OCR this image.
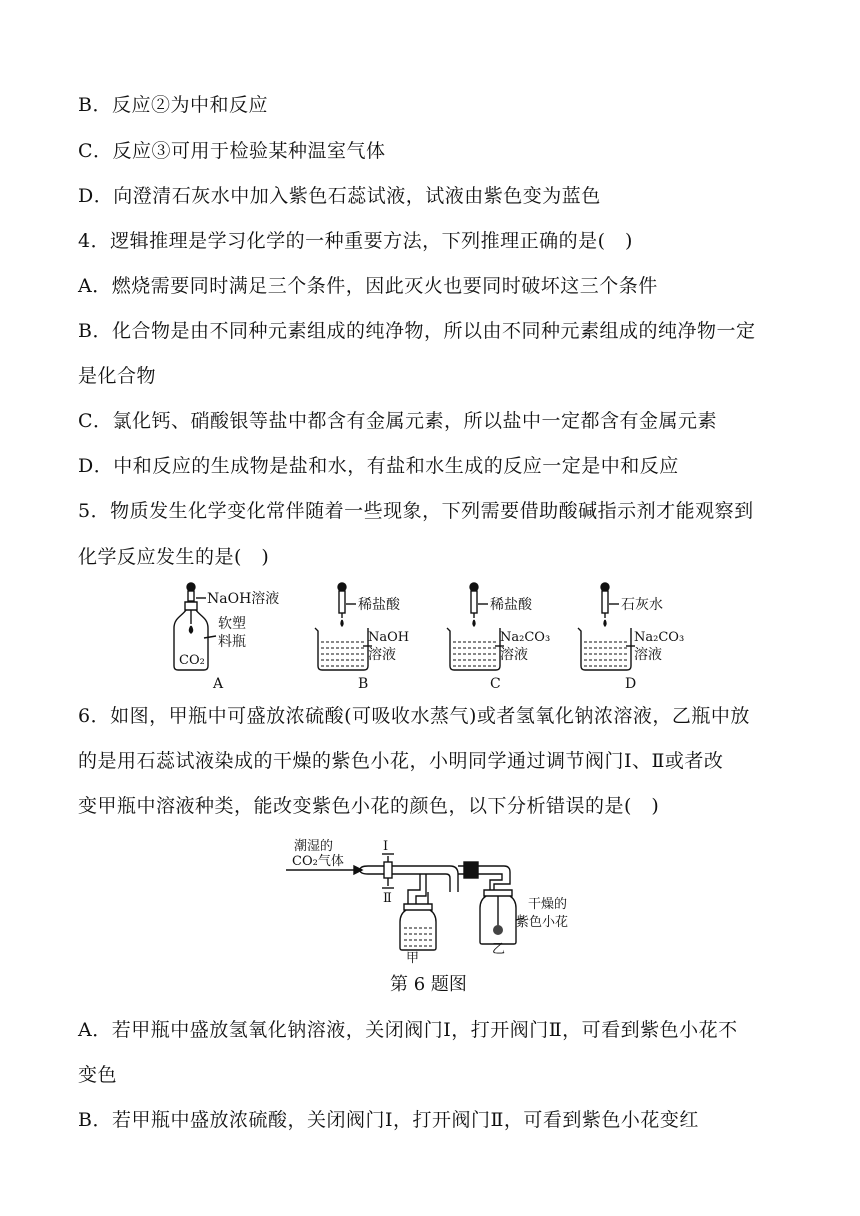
B．反应②为中和反应
C．反应③可用于检验某种温室气体
D．向澄清石灰水中加入紫色石蕊试液，试液由紫色变为蓝色
4．逻辑推理是学习化学的一种重要方法，下列推理正确的是(　)
A．燃烧需要同时满足三个条件，因此灭火也要同时破坏这三个条件
B．化合物是由不同种元素组成的纯净物，所以由不同种元素组成的纯净物一定
是化合物
C．氯化钙、硝酸银等盐中都含有金属元素，所以盐中一定都含有金属元素
D．中和反应的生成物是盐和水，有盐和水生成的反应一定是中和反应
5．物质发生化学变化常伴随着一些现象，下列需要借助酸碱指示剂才能观察到
化学反应发生的是(　)
NaOH溶液
软塑
料瓶
CO₂
A
稀盐酸
NaOH
溶液
B
稀盐酸
Na₂CO₃
溶液
C
石灰水
Na₂CO₃
溶液
D
6．如图，甲瓶中可盛放浓硫酸(可吸收水蒸气)或者氢氧化钠浓溶液，乙瓶中放
的是用石蕊试液染成的干燥的紫色小花，小明同学通过调节阀门Ⅰ、Ⅱ或者改
变甲瓶中溶液种类，能改变紫色小花的颜色，以下分析错误的是(　)
潮湿的
CO₂气体
Ⅰ
Ⅱ	干燥的
紫色小花
乙
甲
第 6 题图
A．若甲瓶中盛放氢氧化钠溶液，关闭阀门Ⅰ，打开阀门Ⅱ，可看到紫色小花不
变色
B．若甲瓶中盛放浓硫酸，关闭阀门Ⅰ，打开阀门Ⅱ，可看到紫色小花变红
